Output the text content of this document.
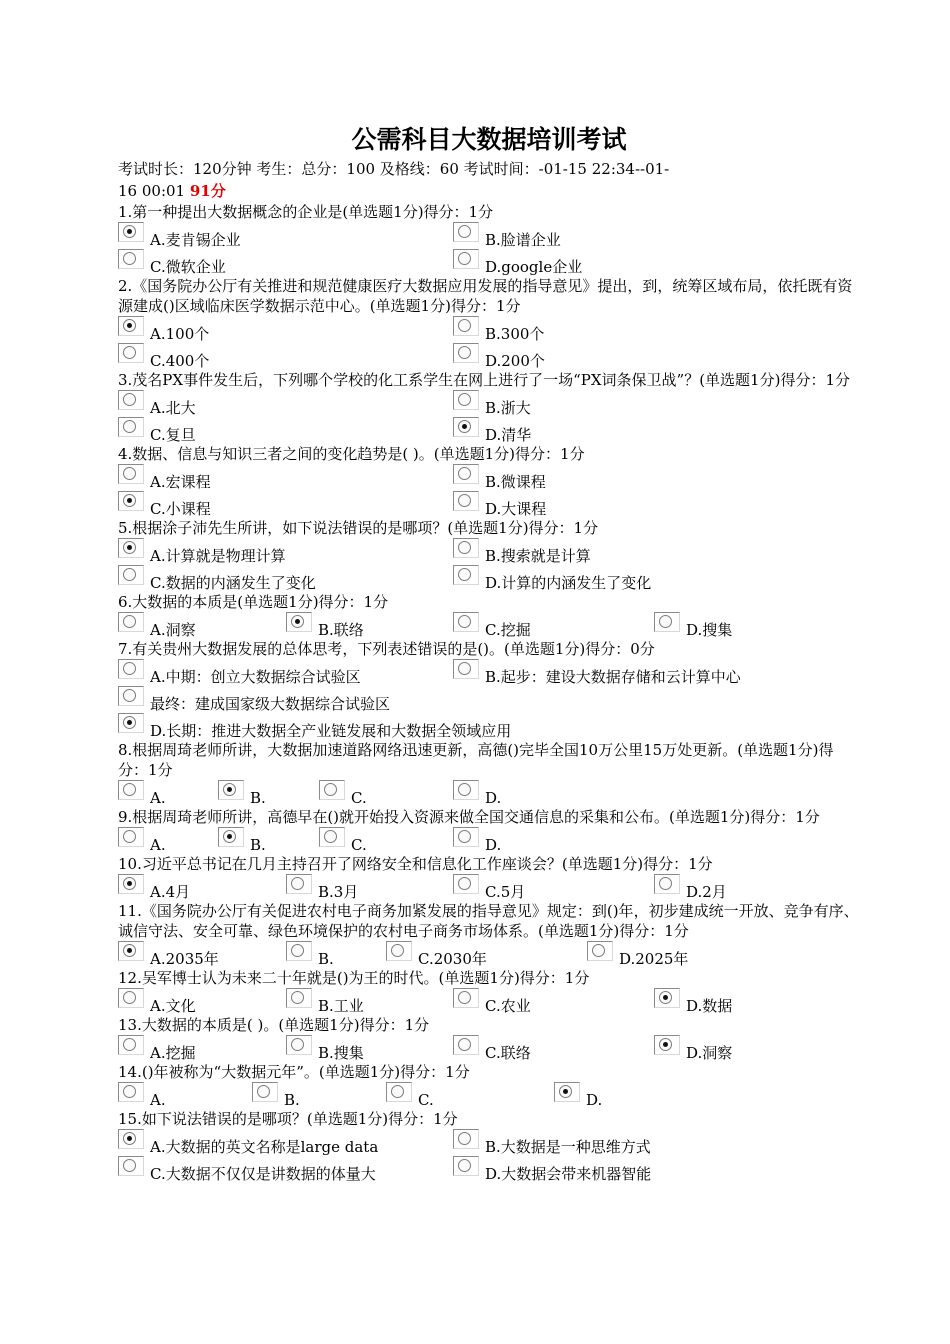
公需科目大数据培训考试
考试时长：120分钟 考生：总分：100 及格线：60 考试时间：-01-15 22:34--01-
16 00:01 91分
1.第一种提出大数据概念的企业是(单选题1分)得分：1分
A.麦肯锡企业	B.脸谱企业
C.微软企业	D.google企业
2.《国务院办公厅有关推进和规范健康医疗大数据应用发展的指导意见》提出，到，统筹区域布局，依托既有资源建成()区域临床医学数据示范中心。(单选题1分)得分：1分
A.100个	B.300个
C.400个	D.200个
3.茂名PX事件发生后，下列哪个学校的化工系学生在网上进行了一场“PX词条保卫战”？(单选题1分)得分：1分
A.北大	B.浙大
C.复旦	D.清华
4.数据、信息与知识三者之间的变化趋势是( )。(单选题1分)得分：1分
A.宏课程	B.微课程
C.小课程	D.大课程
5.根据涂子沛先生所讲，如下说法错误的是哪项？(单选题1分)得分：1分
A.计算就是物理计算	B.搜索就是计算
C.数据的内涵发生了变化	D.计算的内涵发生了变化
6.大数据的本质是(单选题1分)得分：1分
A.洞察	B.联络	C.挖掘	D.搜集
7.有关贵州大数据发展的总体思考，下列表述错误的是()。(单选题1分)得分：0分
A.中期：创立大数据综合试验区	B.起步：建设大数据存储和云计算中心
最终：建成国家级大数据综合试验区
D.长期：推进大数据全产业链发展和大数据全领域应用
8.根据周琦老师所讲，大数据加速道路网络迅速更新，高德()完毕全国10万公里15万处更新。(单选题1分)得分：1分
A.	B.	C.	D.
9.根据周琦老师所讲，高德早在()就开始投入资源来做全国交通信息的采集和公布。(单选题1分)得分：1分
A.	B.	C.	D.
10.习近平总书记在几月主持召开了网络安全和信息化工作座谈会？(单选题1分)得分：1分
A.4月	B.3月	C.5月	D.2月
11.《国务院办公厅有关促进农村电子商务加紧发展的指导意见》规定：到()年，初步建成统一开放、竞争有序、诚信守法、安全可靠、绿色环境保护的农村电子商务市场体系。(单选题1分)得分：1分
A.2035年	B.	C.2030年	D.2025年
12.吴军博士认为未来二十年就是()为王的时代。(单选题1分)得分：1分
A.文化	B.工业	C.农业	D.数据
13.大数据的本质是( )。(单选题1分)得分：1分
A.挖掘	B.搜集	C.联络	D.洞察
14.()年被称为“大数据元年”。(单选题1分)得分：1分
A.	B.	C.	D.
15.如下说法错误的是哪项？(单选题1分)得分：1分
A.大数据的英文名称是large data	B.大数据是一种思维方式
C.大数据不仅仅是讲数据的体量大	D.大数据会带来机器智能
